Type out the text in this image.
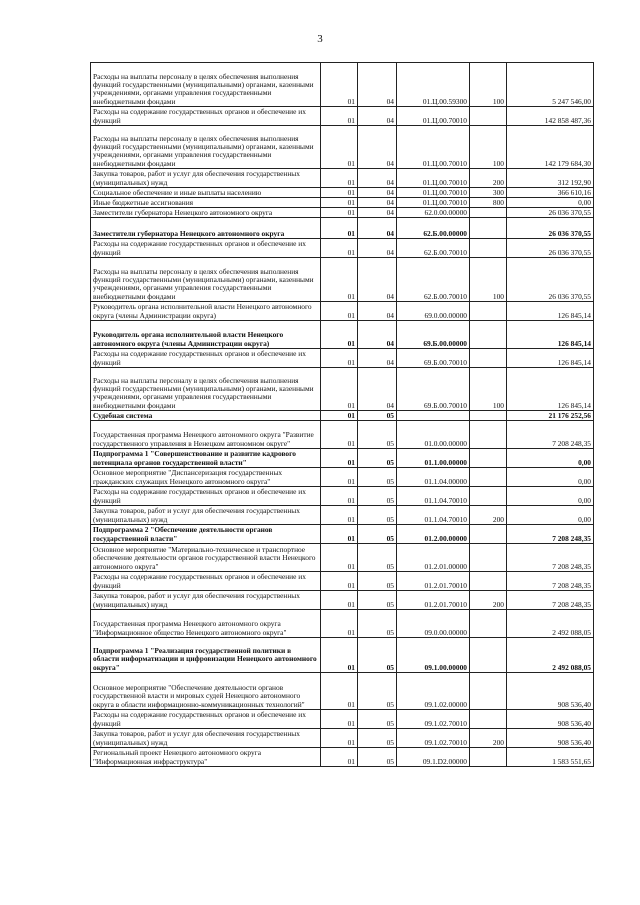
3
Расходы на выплаты персоналу в целях обеспечения выполнения функций государственными (муниципальными) органами, казенными учреждениями, органами управления государственными внебюджетными фондами	01	04	01.Ц.00.59300	100	5 247 546,00
Расходы на содержание государственных органов и обеспечение их функций	01	04	01.Ц.00.70010		142 858 487,36
Расходы на выплаты персоналу в целях обеспечения выполнения функций государственными (муниципальными) органами, казенными учреждениями, органами управления государственными внебюджетными фондами	01	04	01.Ц.00.70010	100	142 179 684,30
Закупка товаров, работ и услуг для обеспечения государственных (муниципальных) нужд	01	04	01.Ц.00.70010	200	312 192,90
Социальное обеспечение и иные выплаты населению	01	04	01.Ц.00.70010	300	366 610,16
Иные бюджетные ассигнования	01	04	01.Ц.00.70010	800	0,00
Заместители губернатора Ненецкого автономного округа	01	04	62.0.00.00000		26 036 370,55
Заместители губернатора Ненецкого автономного округа	01	04	62.Б.00.00000		26 036 370,55
Расходы на содержание государственных органов и обеспечение их функций	01	04	62.Б.00.70010		26 036 370,55
Расходы на выплаты персоналу в целях обеспечения выполнения функций государственными (муниципальными) органами, казенными учреждениями, органами управления государственными внебюджетными фондами	01	04	62.Б.00.70010	100	26 036 370,55
Руководитель органа исполнительной власти Ненецкого автономного округа (члены Администрации округа)	01	04	69.0.00.00000		126 845,14
Руководитель органа исполнительной власти Ненецкого автономного округа (члены Администрации округа)	01	04	69.Б.00.00000		126 845,14
Расходы на содержание государственных органов и обеспечение их функций	01	04	69.Б.00.70010		126 845,14
Расходы на выплаты персоналу в целях обеспечения выполнения функций государственными (муниципальными) органами, казенными учреждениями, органами управления государственными внебюджетными фондами	01	04	69.Б.00.70010	100	126 845,14
Судебная система	01	05			21 176 252,56
Государственная программа Ненецкого автономного округа "Развитие государственного управления в Ненецком автономном округе"	01	05	01.0.00.00000		7 208 248,35
Подпрограмма 1 "Совершенствование и развитие кадрового потенциала органов государственной власти"	01	05	01.1.00.00000		0,00
Основное мероприятие "Диспансеризация государственных гражданских служащих Ненецкого автономного округа"	01	05	01.1.04.00000		0,00
Расходы на содержание государственных органов и обеспечение их функций	01	05	01.1.04.70010		0,00
Закупка товаров, работ и услуг для обеспечения государственных (муниципальных) нужд	01	05	01.1.04.70010	200	0,00
Подпрограмма 2 "Обеспечение деятельности органов государственной власти"	01	05	01.2.00.00000		7 208 248,35
Основное мероприятие "Материально-техническое и транспортное обеспечение деятельности органов государственной власти Ненецкого автономного округа"	01	05	01.2.01.00000		7 208 248,35
Расходы на содержание государственных органов и обеспечение их функций	01	05	01.2.01.70010		7 208 248,35
Закупка товаров, работ и услуг для обеспечения государственных (муниципальных) нужд	01	05	01.2.01.70010	200	7 208 248,35
Государственная программа Ненецкого автономного округа "Информационное общество Ненецкого автономного округа"	01	05	09.0.00.00000		2 492 088,05
Подпрограмма 1 "Реализация государственной политики в области информатизации и цифровизации Ненецкого автономного округа"	01	05	09.1.00.00000		2 492 088,05
Основное мероприятие "Обеспечение деятельности органов государственной власти и мировых судей Ненецкого автономного округа в области информационно-коммуникационных технологий"	01	05	09.1.02.00000		908 536,40
Расходы на содержание государственных органов и обеспечение их функций	01	05	09.1.02.70010		908 536,40
Закупка товаров, работ и услуг для обеспечения государственных (муниципальных) нужд	01	05	09.1.02.70010	200	908 536,40
Региональный проект Ненецкого автономного округа "Информационная инфраструктура"	01	05	09.1.D2.00000		1 583 551,65
